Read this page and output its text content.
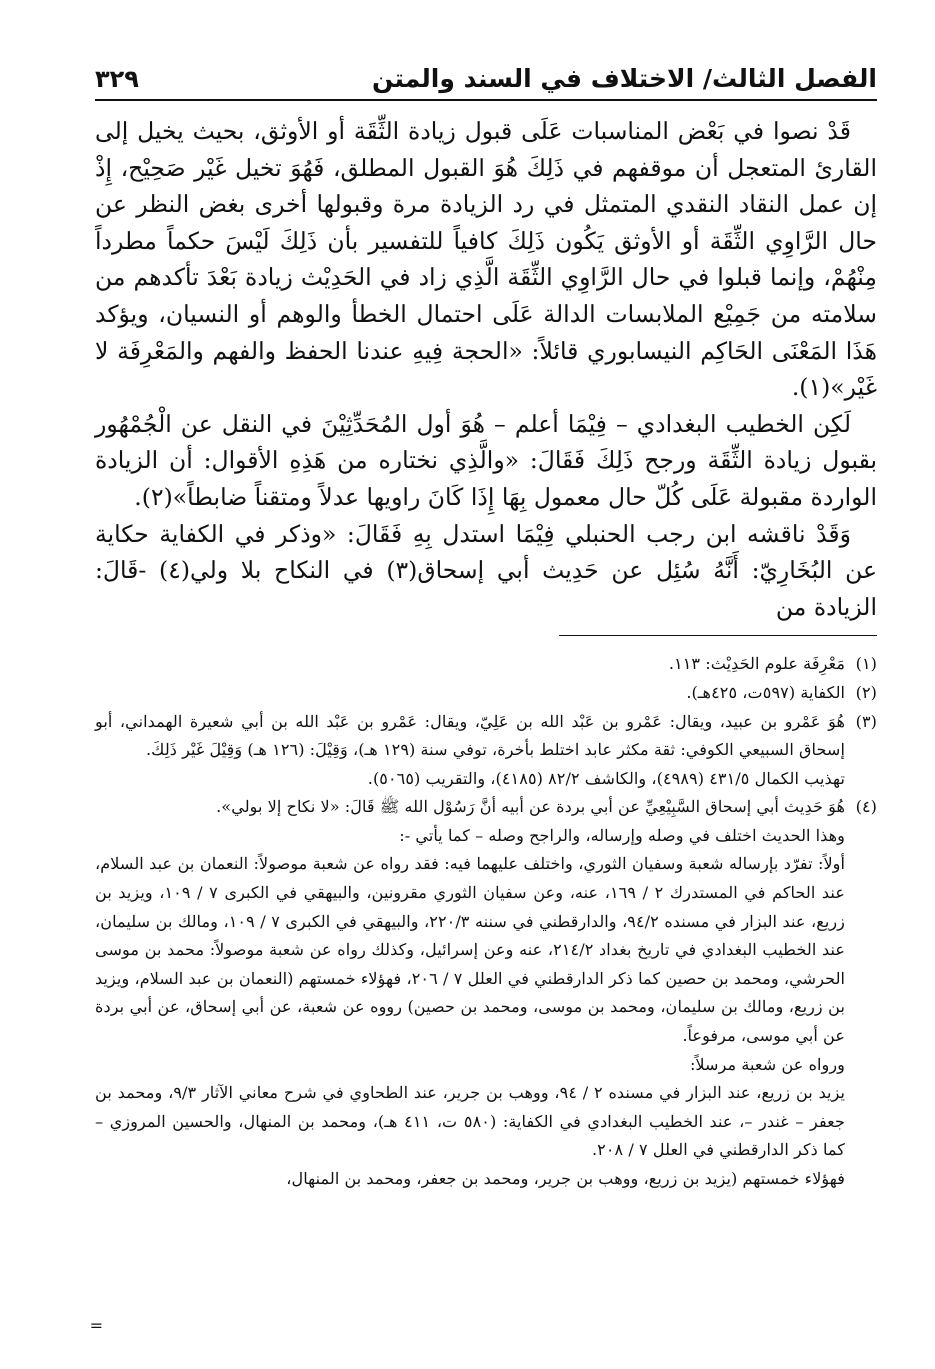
الفصل الثالث/ الاختلاف في السند والمتن
٣٢٩

قَدْ نصوا في بَعْض المناسبات عَلَى قبول زيادة الثِّقَة أو الأوثق، بحيث يخيل إلى القارئ المتعجل أن موقفهم في ذَلِكَ هُوَ القبول المطلق، فَهُوَ تخيل غَيْر صَحِيْح، إِذْ إن عمل النقاد النقدي المتمثل في رد الزيادة مرة وقبولها أخرى بغض النظر عن حال الرَّاوِي الثِّقَة أو الأوثق يَكُون ذَلِكَ كافياً للتفسير بأن ذَلِكَ لَيْسَ حكماً مطرداً مِنْهُمْ، وإنما قبلوا في حال الرَّاوِي الثِّقَة الَّذِي زاد في الحَدِيْث زيادة بَعْدَ تأكدهم من سلامته من جَمِيْع الملابسات الدالة عَلَى احتمال الخطأ والوهم أو النسيان، ويؤكد هَذَا المَعْنَى الحَاكِم النيسابوري قائلاً: «الحجة فِيهِ عندنا الحفظ والفهم والمَعْرِفَة لا غَيْر»(١).

لَكِن الخطيب البغدادي – فِيْمَا أعلم – هُوَ أول المُحَدِّثِيْنَ في النقل عن الْجُمْهُور بقبول زيادة الثِّقَة ورجح ذَلِكَ فَقَالَ: «والَّذِي نختاره من هَذِهِ الأقوال: أن الزيادة الواردة مقبولة عَلَى كُلّ حال معمول بِهَا إِذَا كَانَ راويها عدلاً ومتقناً ضابطاً»(٢).

وَقَدْ ناقشه ابن رجب الحنبلي فِيْمَا استدل بِهِ فَقَالَ: «وذكر في الكفاية حكاية عن البُخَارِيّ: أَنَّهُ سُئِل عن حَدِيث أبي إسحاق(٣) في النكاح بلا ولي(٤) -قَالَ: الزيادة من

(١)
مَعْرِفَة علوم الحَدِيْث: ١١٣.
(٢)
الكفاية (٥٩٧ت، ٤٢٥هـ).
(٣)
هُوَ عَمْرو بن عبيد، ويقال: عَمْرو بن عَبْد الله بن عَلِيّ، ويقال: عَمْرو بن عَبْد الله بن أبي شعيرة الهمداني، أبو إسحاق السبيعي الكوفي: ثقة مكثر عابد اختلط بأخرة، توفي سنة (١٢٩ هـ)، وَقِيْلَ: (١٢٦ هـ) وَقِيْلَ غَيْر ذَلِكَ.
تهذيب الكمال ٤٣١/٥ (٤٩٨٩)، والكاشف ٨٢/٢ (٤١٨٥)، والتقريب (٥٠٦٥).
(٤)
هُوَ حَدِيث أبي إسحاق السَّبِيْعِيِّ عن أبي بردة عن أبيه أنَّ رَسُوْل الله ﷺ قَالَ: «لا نكاح إلا بولي».
وهذا الحديث اختلف في وصله وإرساله، والراجح وصله – كما يأتي -:
أولاً: تفرّد بإرساله شعبة وسفيان الثوري، واختلف عليهما فيه: فقد رواه عن شعبة موصولاً: النعمان بن عبد السلام، عند الحاكم في المستدرك ٢ / ١٦٩، عنه، وعن سفيان الثوري مقرونين، والبيهقي في الكبرى ٧ / ١٠٩، ويزيد بن زريع، عند البزار في مسنده ٩٤/٢، والدارقطني في سننه ٢٢٠/٣، والبيهقي في الكبرى ٧ / ١٠٩، ومالك بن سليمان، عند الخطيب البغدادي في تاريخ بغداد ٢١٤/٢، عنه وعن إسرائيل، وكذلك رواه عن شعبة موصولاً: محمد بن موسى الحرشي، ومحمد بن حصين كما ذكر الدارقطني في العلل ٧ / ٢٠٦، فهؤلاء خمستهم (النعمان بن عبد السلام، ويزيد بن زريع، ومالك بن سليمان، ومحمد بن موسى، ومحمد بن حصين) رووه عن شعبة، عن أبي إسحاق، عن أبي بردة عن أبي موسى، مرفوعاً.
ورواه عن شعبة مرسلاً:
يزيد بن زريع، عند البزار في مسنده ٢ / ٩٤، ووهب بن جرير، عند الطحاوي في شرح معاني الآثار ٩/٣، ومحمد بن جعفر – غندر –، عند الخطيب البغدادي في الكفاية: (٥٨٠ ت، ٤١١ هـ)، ومحمد بن المنهال، والحسين المروزي – كما ذكر الدارقطني في العلل ٧ / ٢٠٨.
فهؤلاء خمستهم (يزيد بن زريع، ووهب بن جرير، ومحمد بن جعفر، ومحمد بن المنهال،
=
